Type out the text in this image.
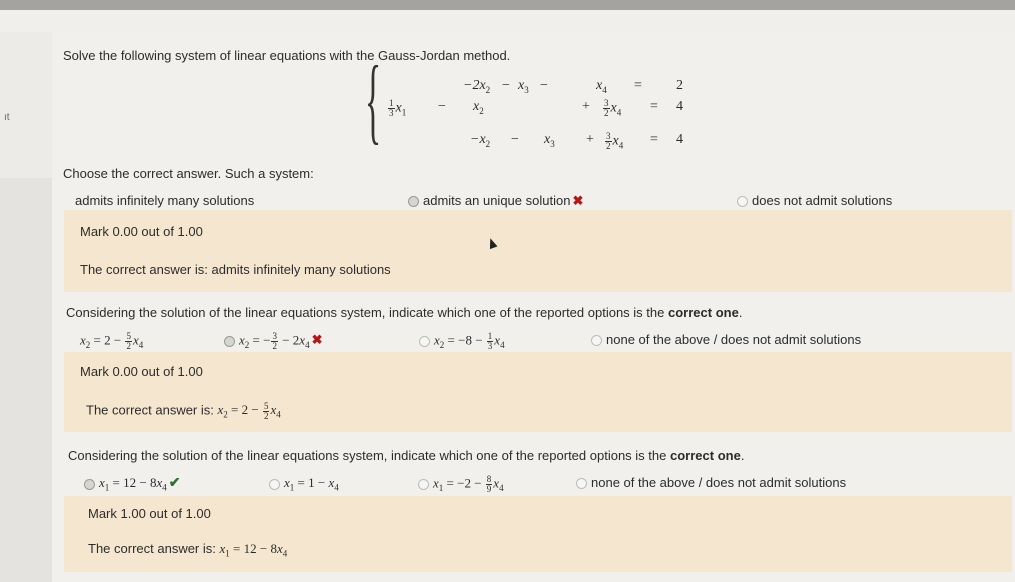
ıt
Solve the following system of linear equations with the Gauss-Jordan method.
{	$-2x_2 - x_3$ −	$x_4 = 2$
$\frac{1}{3} x_1 - x_2$	+ $\frac{3}{2} x_4 = 4$
$-x_2 - x_3 + \frac{3}{2} x_4 = 4$
Choose the correct answer. Such a system:
admits infinitely many solutions	admits an unique solution ✖	does not admit solutions
Mark 0.00 out of 1.00
The correct answer is: admits infinitely many solutions
Considering the solution of the linear equations system, indicate which one of the reported options is the correct one.
$x_2 = 2 - \frac{5}{2} x_4$	$x_2$ = − $\frac{3}{2} - 2x_4$ ✖	$x_2 = -8 - \frac{1}{3} x_4$	none of the above / does not admit solutions
Mark 0.00 out of 1.00
The correct answer is: $x_2 = 2 - \frac{5}{2} x_4$
Considering the solution of the linear equations system, indicate which one of the reported options is the correct one.
$x_1 = 12 - 8x_4$ ✔	$x_1 = 1 - x_4$	$x_1 = -2 - \frac{8}{9} x_4$	none of the above / does not admit solutions
Mark 1.00 out of 1.00
The correct answer is: $x_1 = 12 - 8x_4$
